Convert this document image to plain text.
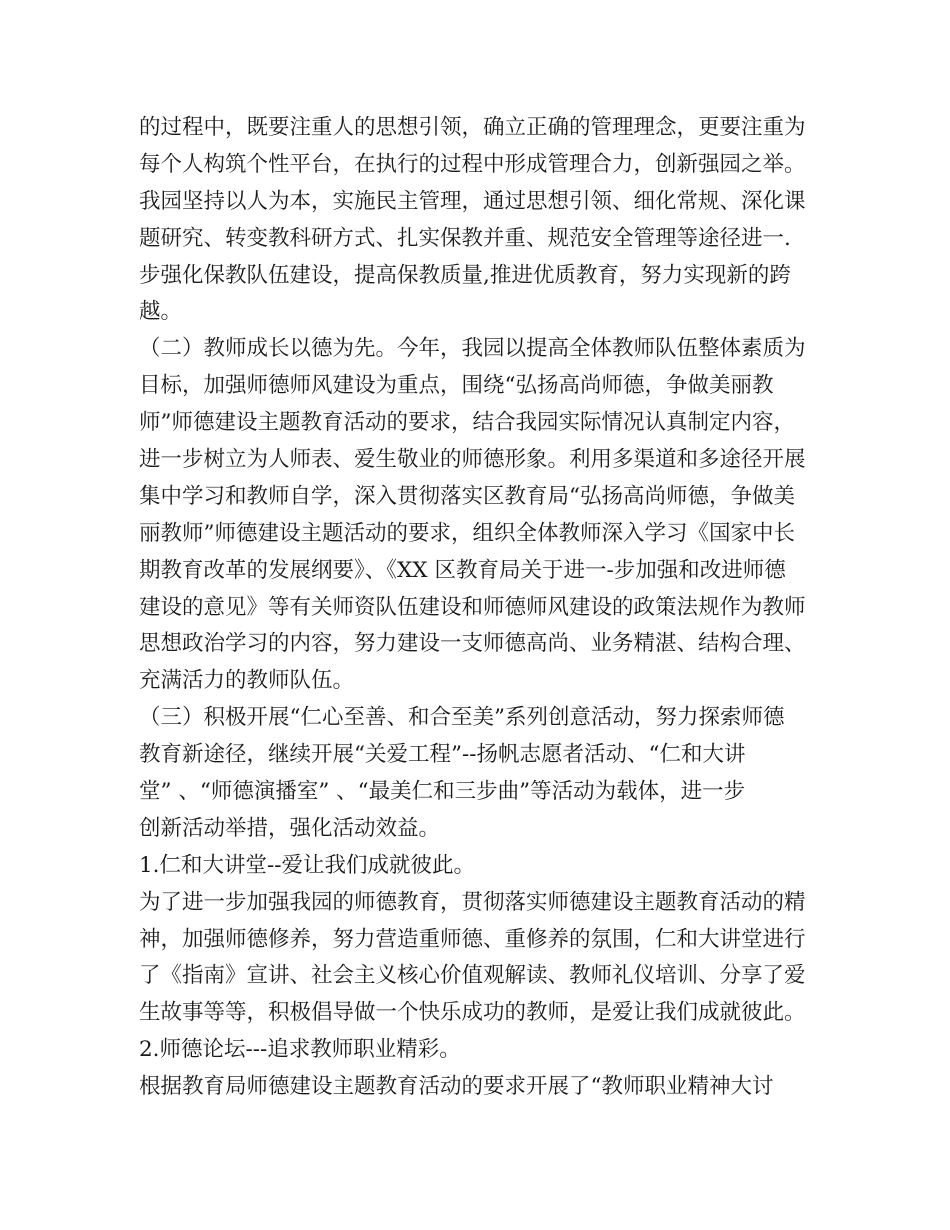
的过程中，既要注重人的思想引领，确立正确的管理理念，更要注重为
每个人构筑个性平台，在执行的过程中形成管理合力，创新强园之举。
我园坚持以人为本，实施民主管理，通过思想引领、细化常规、深化课
题研究、转变教科研方式、扎实保教并重、规范安全管理等途径进一.
步强化保教队伍建设，提高保教质量,推进优质教育，努力实现新的跨
越。
（二）教师成长以德为先。今年，我园以提高全体教师队伍整体素质为
目标，加强师德师风建设为重点，围绕“弘扬高尚师德，争做美丽教
师”师德建设主题教育活动的要求，结合我园实际情况认真制定内容，
进一步树立为人师表、爱生敬业的师德形象。利用多渠道和多途径开展
集中学习和教师自学，深入贯彻落实区教育局“弘扬高尚师德，争做美
丽教师”师德建设主题活动的要求，组织全体教师深入学习《国家中长
期教育改革的发展纲要》、《XX 区教育局关于进一-步加强和改进师德
建设的意见》等有关师资队伍建设和师德师风建设的政策法规作为教师
思想政治学习的内容，努力建设一支师德高尚、业务精湛、结构合理、
充满活力的教师队伍。
（三）积极开展“仁心至善、和合至美”系列创意活动，努力探索师德
教育新途径，继续开展“关爱工程”--扬帆志愿者活动、“仁和大讲
堂” 、“师德演播室” 、“最美仁和三步曲”等活动为载体，进一步
创新活动举措，强化活动效益。
1.仁和大讲堂--爱让我们成就彼此。
为了进一步加强我园的师德教育，贯彻落实师德建设主题教育活动的精
神，加强师德修养，努力营造重师德、重修养的氛围，仁和大讲堂进行
了《指南》宣讲、社会主义核心价值观解读、教师礼仪培训、分享了爱
生故事等等，积极倡导做一个快乐成功的教师，是爱让我们成就彼此。
2.师德论坛---追求教师职业精彩。
根据教育局师德建设主题教育活动的要求开展了“教师职业精神大讨
